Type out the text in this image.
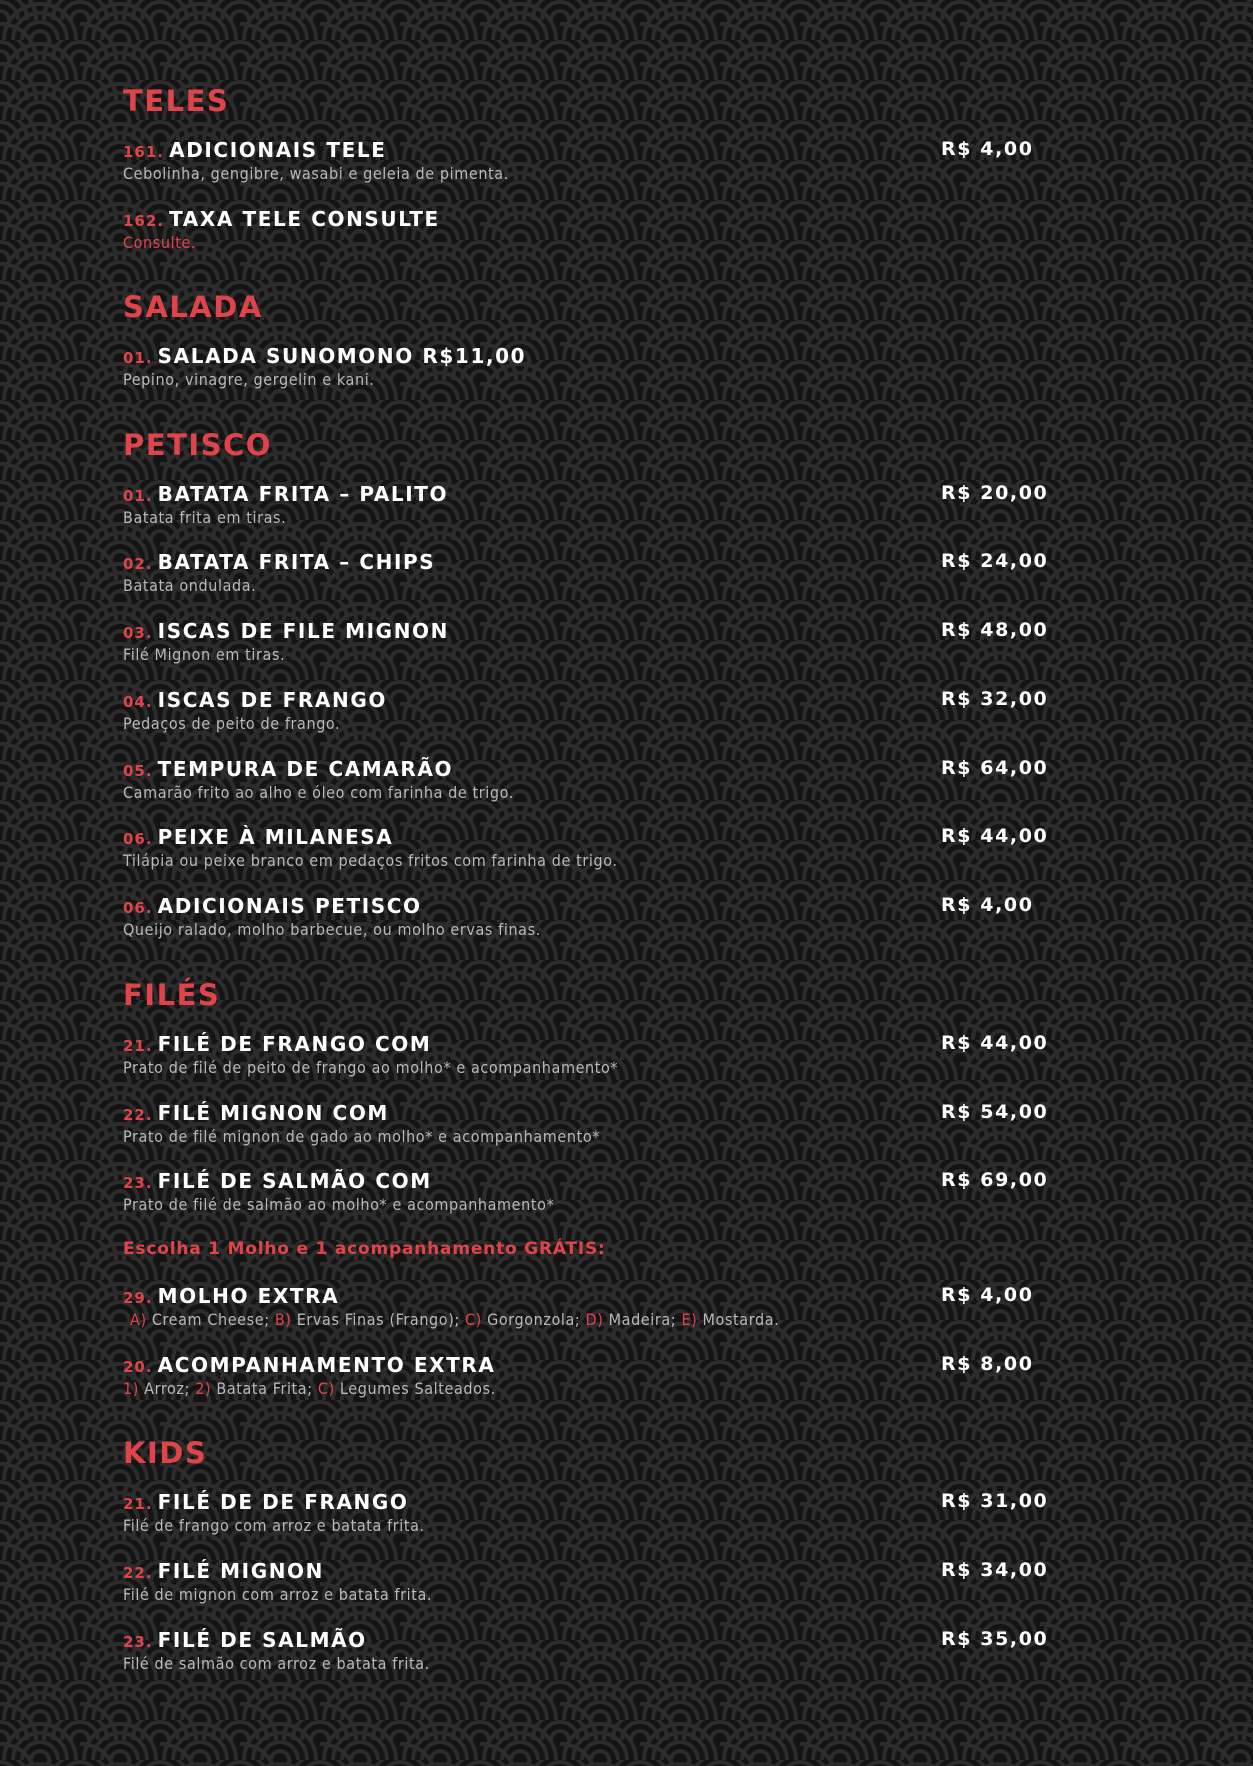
TELES
161. ADICIONAIS TELE	R$ 4,00
Cebolinha, gengibre, wasabi e geleia de pimenta.
162. TAXA TELE CONSULTE
Consulte.
SALADA
01. SALADA SUNOMONO R$11,00
Pepino, vinagre, gergelin e kani.
PETISCO
01. BATATA FRITA – PALITO	R$ 20,00
Batata frita em tiras.
02. BATATA FRITA – CHIPS	R$ 24,00
Batata ondulada.
03. ISCAS DE FILE MIGNON	R$ 48,00
Filé Mignon em tiras.
04. ISCAS DE FRANGO	R$ 32,00
Pedaços de peito de frango.
05. TEMPURA DE CAMARÃO	R$ 64,00
Camarão frito ao alho e óleo com farinha de trigo.
06. PEIXE À MILANESA	R$ 44,00
Tilápia ou peixe branco em pedaços fritos com farinha de trigo.
06. ADICIONAIS PETISCO	R$ 4,00
Queijo ralado, molho barbecue, ou molho ervas finas.
FILÉS
21. FILÉ DE FRANGO COM	R$ 44,00
Prato de filé de peito de frango ao molho* e acompanhamento*
22. FILÉ MIGNON COM	R$ 54,00
Prato de filé mignon de gado ao molho* e acompanhamento*
23. FILÉ DE SALMÃO COM	R$ 69,00
Prato de filé de salmão ao molho* e acompanhamento*
Escolha 1 Molho e 1 acompanhamento GRÁTIS:
29. MOLHO EXTRA	R$ 4,00
A) Cream Cheese; B) Ervas Finas (Frango); C) Gorgonzola; D) Madeira; E) Mostarda.
20. ACOMPANHAMENTO EXTRA	R$ 8,00
1) Arroz; 2) Batata Frita; C) Legumes Salteados.
KIDS
21. FILÉ DE DE FRANGO	R$ 31,00
Filé de frango com arroz e batata frita.
22. FILÉ MIGNON	R$ 34,00
Filé de mignon com arroz e batata frita.
23. FILÉ DE SALMÃO	R$ 35,00
Filé de salmão com arroz e batata frita.
